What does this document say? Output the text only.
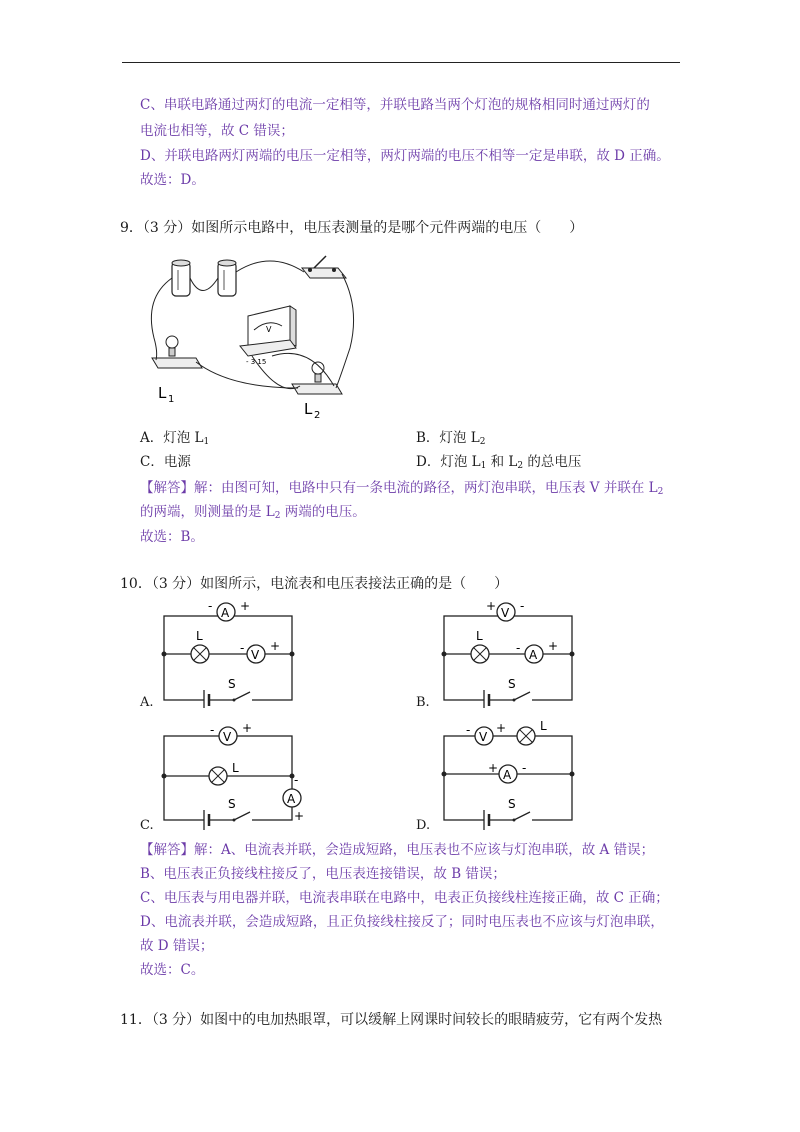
C、串联电路通过两灯的电流一定相等，并联电路当两个灯泡的规格相同时通过两灯的
电流也相等，故 C 错误；
D、并联电路两灯两端的电压一定相等，两灯两端的电压不相等一定是串联，故 D 正确。
故选：D。
9．（3 分）如图所示电路中，电压表测量的是哪个元件两端的电压（　　）
V
- 3 15
L 1
L 2
A．灯泡 $L_1$	B．灯泡 $L_2$
C．电源	D．灯泡 $L_1$ 和 $L_2$ 的总电压
【解答】解：由图可知，电路中只有一条电流的路径，两灯泡串联，电压表 V 并联在 $L_2$
的两端，则测量的是 $L_2$ 两端的电压。
故选：B。
10．（3 分）如图所示，电流表和电压表接法正确的是（　　）
A
- +
L
V
- +
S
A.
V
+ -
L
A
- +
S
B.
V
- +
L
A
-
+
S
C.
V
- +	L
A
+ -
S
D.
【解答】解：A、电流表并联，会造成短路，电压表也不应该与灯泡串联，故 A 错误；
B、电压表正负接线柱接反了，电压表连接错误，故 B 错误；
C、电压表与用电器并联，电流表串联在电路中，电表正负接线柱连接正确，故 C 正确；
D、电流表并联，会造成短路，且正负接线柱接反了；同时电压表也不应该与灯泡串联，
故 D 错误；
故选：C。
11．（3 分）如图中的电加热眼罩，可以缓解上网课时间较长的眼睛疲劳，它有两个发热
